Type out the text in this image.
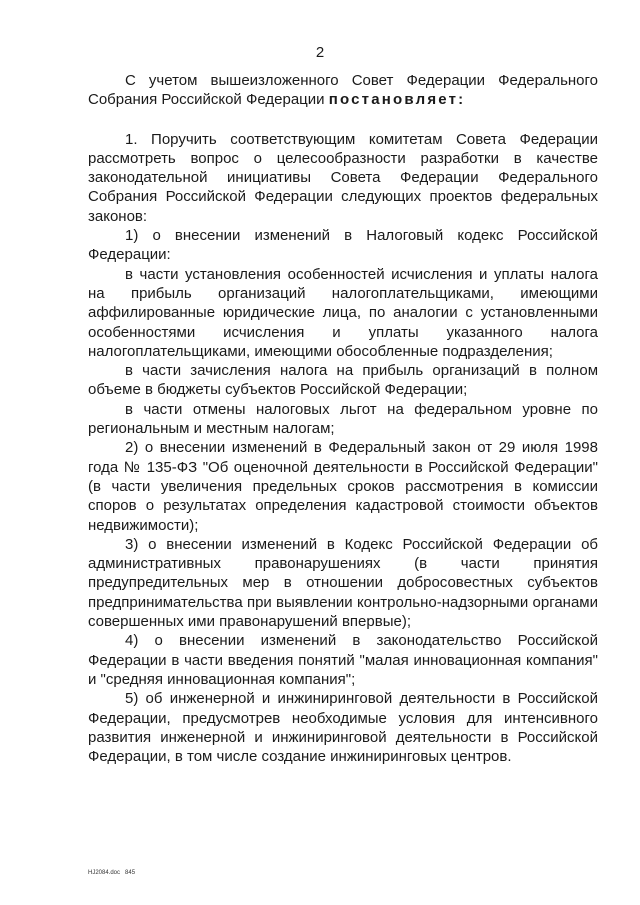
2

С учетом вышеизложенного Совет Федерации Федерального Собрания Российской Федерации постановляет:

1. Поручить соответствующим комитетам Совета Федерации рассмотреть вопрос о целесообразности разработки в качестве законодательной инициативы Совета Федерации Федерального Собрания Российской Федерации следующих проектов федеральных законов:

1) о внесении изменений в Налоговый кодекс Российской Федерации:

в части установления особенностей исчисления и уплаты налога на прибыль организаций налогоплательщиками, имеющими аффилированные юридические лица, по аналогии с установленными особенностями исчисления и уплаты указанного налога налогоплательщиками, имеющими обособленные подразделения;

в части зачисления налога на прибыль организаций в полном объеме в бюджеты субъектов Российской Федерации;

в части отмены налоговых льгот на федеральном уровне по региональным и местным налогам;

2) о внесении изменений в Федеральный закон от 29 июля 1998 года № 135-ФЗ "Об оценочной деятельности в Российской Федерации" (в части увеличения предельных сроков рассмотрения в комиссии споров о результатах определения кадастровой стоимости объектов недвижимости);

3) о внесении изменений в Кодекс Российской Федерации об административных правонарушениях (в части принятия предупредительных мер в отношении добросовестных субъектов предпринимательства при выявлении контрольно-надзорными органами совершенных ими правонарушений впервые);

4) о внесении изменений в законодательство Российской Федерации в части введения понятий "малая инновационная компания" и "средняя инновационная компания";

5) об инженерной и инжиниринговой деятельности в Российской Федерации, предусмотрев необходимые условия для интенсивного развития инженерной и инжиниринговой деятельности в Российской Федерации, в том числе создание инжиниринговых центров.

НJ2084.doc   845
